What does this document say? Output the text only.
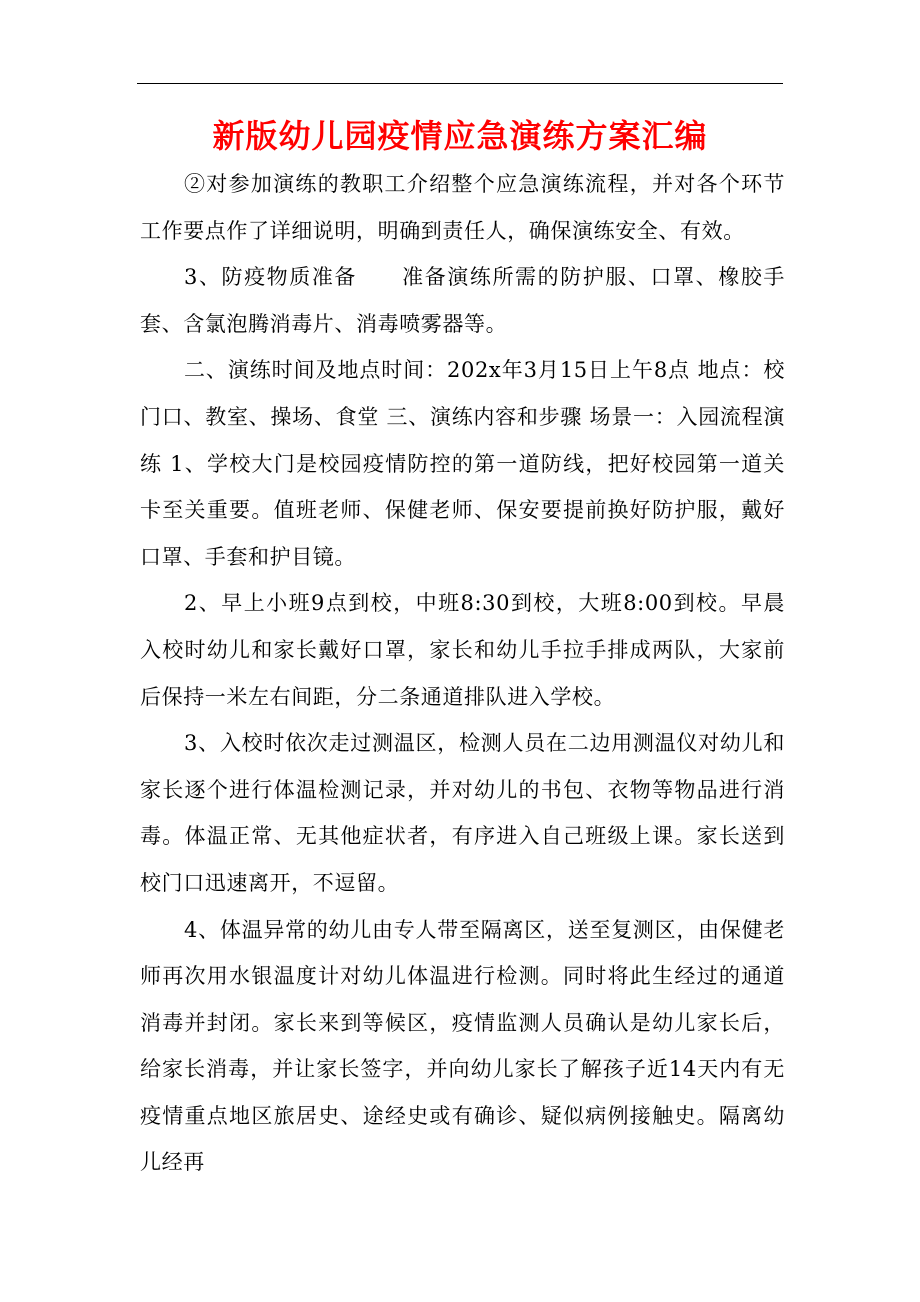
新版幼儿园疫情应急演练方案汇编

②对参加演练的教职工介绍整个应急演练流程，并对各个环节工作要点作了详细说明，明确到责任人，确保演练安全、有效。

3、防疫物质准备　　准备演练所需的防护服、口罩、橡胶手套、含氯泡腾消毒片、消毒喷雾器等。

二、演练时间及地点时间：202x年3月15日上午8点 地点：校门口、教室、操场、食堂 三、演练内容和步骤 场景一：入园流程演练 1、学校大门是校园疫情防控的第一道防线，把好校园第一道关卡至关重要。值班老师、保健老师、保安要提前换好防护服，戴好口罩、手套和护目镜。

2、早上小班9点到校，中班8:30到校，大班8:00到校。早晨入校时幼儿和家长戴好口罩，家长和幼儿手拉手排成两队，大家前后保持一米左右间距，分二条通道排队进入学校。

3、入校时依次走过测温区，检测人员在二边用测温仪对幼儿和家长逐个进行体温检测记录，并对幼儿的书包、衣物等物品进行消毒。体温正常、无其他症状者，有序进入自己班级上课。家长送到校门口迅速离开，不逗留。

4、体温异常的幼儿由专人带至隔离区，送至复测区，由保健老师再次用水银温度计对幼儿体温进行检测。同时将此生经过的通道消毒并封闭。家长来到等候区，疫情监测人员确认是幼儿家长后，给家长消毒，并让家长签字，并向幼儿家长了解孩子近14天内有无疫情重点地区旅居史、途经史或有确诊、疑似病例接触史。隔离幼儿经再
